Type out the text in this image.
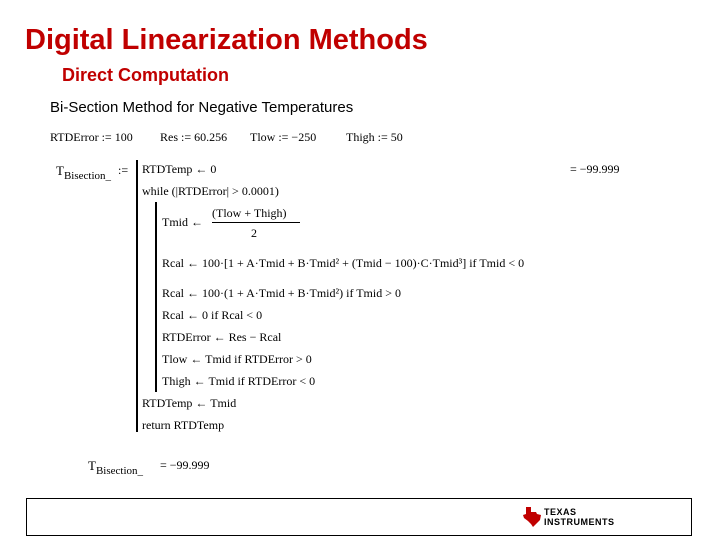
Digital Linearization Methods
Direct Computation
Bi-Section Method for Negative Temperatures
RTDError := 100 Res := 60.256 Tlow := −250 Thigh := 50
$T_{Bisection\_}$ :=	= −99.999
RTDTemp ← 0
while (|RTDError| > 0.0001)
Tmid ←
(Tlow + Thigh)
2
Rcal ← 100·[1 + A·Tmid + B·Tmid² + (Tmid − 100)·C·Tmid³] if Tmid < 0
Rcal ← 100·(1 + A·Tmid + B·Tmid²) if Tmid > 0
Rcal ← 0 if Rcal < 0
RTDError ← Res − Rcal
Tlow ← Tmid if RTDError > 0
Thigh ← Tmid if RTDError < 0
RTDTemp ← Tmid
return RTDTemp
$T_{Bisection\_} = -99.999$
TEXAS
INSTRUMENTS
